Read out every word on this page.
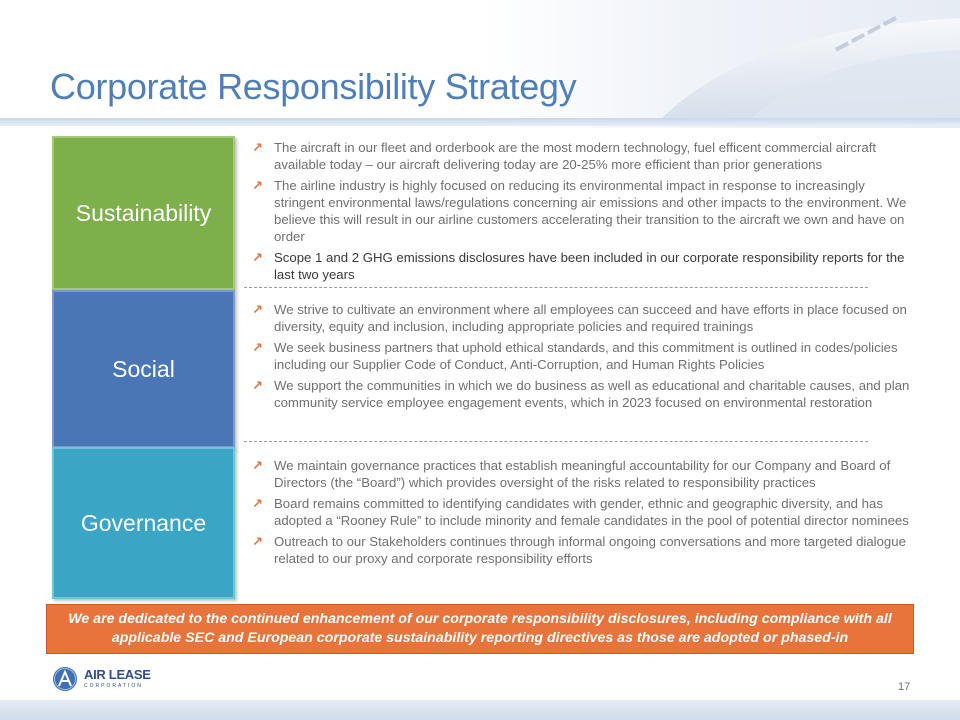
Corporate Responsibility Strategy
Sustainability
Social
Governance
↗ The aircraft in our fleet and orderbook are the most modern technology, fuel efficent commercial aircraft available today – our aircraft delivering today are 20-25% more efficient than prior generations
↗ The airline industry is highly focused on reducing its environmental impact in response to increasingly stringent environmental laws/regulations concerning air emissions and other impacts to the environment. We believe this will result in our airline customers accelerating their transition to the aircraft we own and have on order
↗ Scope 1 and 2 GHG emissions disclosures have been included in our corporate responsibility reports for the last two years
↗ We strive to cultivate an environment where all employees can succeed and have efforts in place focused on diversity, equity and inclusion, including appropriate policies and required trainings
↗ We seek business partners that uphold ethical standards, and this commitment is outlined in codes/policies including our Supplier Code of Conduct, Anti-Corruption, and Human Rights Policies
↗ We support the communities in which we do business as well as educational and charitable causes, and plan community service employee engagement events, which in 2023 focused on environmental restoration
↗ We maintain governance practices that establish meaningful accountability for our Company and Board of Directors (the “Board”) which provides oversight of the risks related to responsibility practices
↗ Board remains committed to identifying candidates with gender, ethnic and geographic diversity, and has adopted a “Rooney Rule” to include minority and female candidates in the pool of potential director nominees
↗ Outreach to our Stakeholders continues through informal ongoing conversations and more targeted dialogue related to our proxy and corporate responsibility efforts
We are dedicated to the continued enhancement of our corporate responsibility disclosures, including compliance with all applicable SEC and European corporate sustainability reporting directives as those are adopted or phased-in
AIR LEASE
CORPORATION	17
